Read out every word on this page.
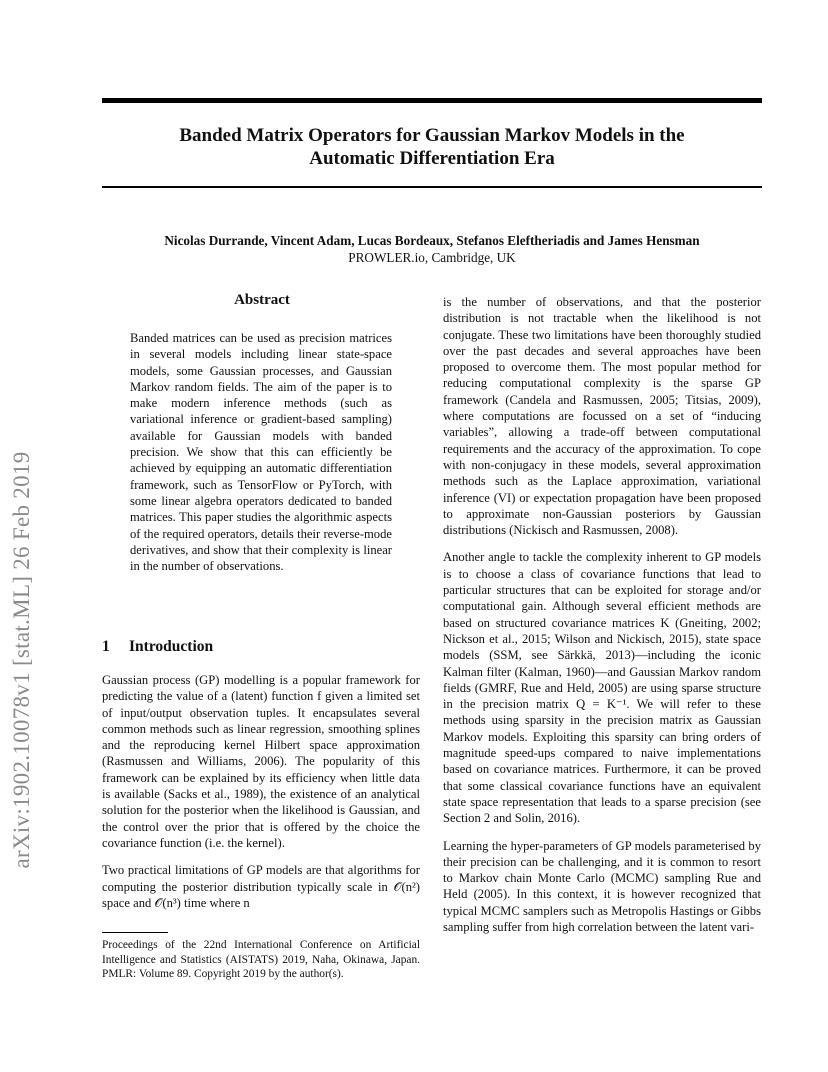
Banded Matrix Operators for Gaussian Markov Models in the
Automatic Differentiation Era
Nicolas Durrande, Vincent Adam, Lucas Bordeaux, Stefanos Eleftheriadis and James Hensman
PROWLER.io, Cambridge, UK
arXiv:1902.10078v1 [stat.ML] 26 Feb 2019
Abstract
Banded matrices can be used as precision matrices in several models including linear state-space models, some Gaussian processes, and Gaussian Markov random fields. The aim of the paper is to make modern inference methods (such as variational inference or gradient-based sampling) available for Gaussian models with banded precision. We show that this can efficiently be achieved by equipping an automatic differentiation framework, such as TensorFlow or PyTorch, with some linear algebra operators dedicated to banded matrices. This paper studies the algorithmic aspects of the required operators, details their reverse-mode derivatives, and show that their complexity is linear in the number of observations.
1 Introduction

Gaussian process (GP) modelling is a popular framework for predicting the value of a (latent) function f given a limited set of input/output observation tuples. It encapsulates several common methods such as linear regression, smoothing splines and the reproducing kernel Hilbert space approximation (Rasmussen and Williams, 2006). The popularity of this framework can be explained by its efficiency when little data is available (Sacks et al., 1989), the existence of an analytical solution for the posterior when the likelihood is Gaussian, and the control over the prior that is offered by the choice the covariance function (i.e. the kernel).

Two practical limitations of GP models are that algorithms for computing the posterior distribution typically scale in 𝒪(n²) space and 𝒪(n³) time where n

Proceedings of the 22nd International Conference on Artificial Intelligence and Statistics (AISTATS) 2019, Naha, Okinawa, Japan. PMLR: Volume 89. Copyright 2019 by the author(s).

is the number of observations, and that the posterior distribution is not tractable when the likelihood is not conjugate. These two limitations have been thoroughly studied over the past decades and several approaches have been proposed to overcome them. The most popular method for reducing computational complexity is the sparse GP framework (Candela and Rasmussen, 2005; Titsias, 2009), where computations are focussed on a set of “inducing variables”, allowing a trade-off between computational requirements and the accuracy of the approximation. To cope with non-conjugacy in these models, several approximation methods such as the Laplace approximation, variational inference (VI) or expectation propagation have been proposed to approximate non-Gaussian posteriors by Gaussian distributions (Nickisch and Rasmussen, 2008).

Another angle to tackle the complexity inherent to GP models is to choose a class of covariance functions that lead to particular structures that can be exploited for storage and/or computational gain. Although several efficient methods are based on structured covariance matrices K (Gneiting, 2002; Nickson et al., 2015; Wilson and Nickisch, 2015), state space models (SSM, see Särkkä, 2013)—including the iconic Kalman filter (Kalman, 1960)—and Gaussian Markov random fields (GMRF, Rue and Held, 2005) are using sparse structure in the precision matrix Q = K⁻¹. We will refer to these methods using sparsity in the precision matrix as Gaussian Markov models. Exploiting this sparsity can bring orders of magnitude speed-ups compared to naive implementations based on covariance matrices. Furthermore, it can be proved that some classical covariance functions have an equivalent state space representation that leads to a sparse precision (see Section 2 and Solin, 2016).

Learning the hyper-parameters of GP models parameterised by their precision can be challenging, and it is common to resort to Markov chain Monte Carlo (MCMC) sampling Rue and Held (2005). In this context, it is however recognized that typical MCMC samplers such as Metropolis Hastings or Gibbs sampling suffer from high correlation between the latent vari-
